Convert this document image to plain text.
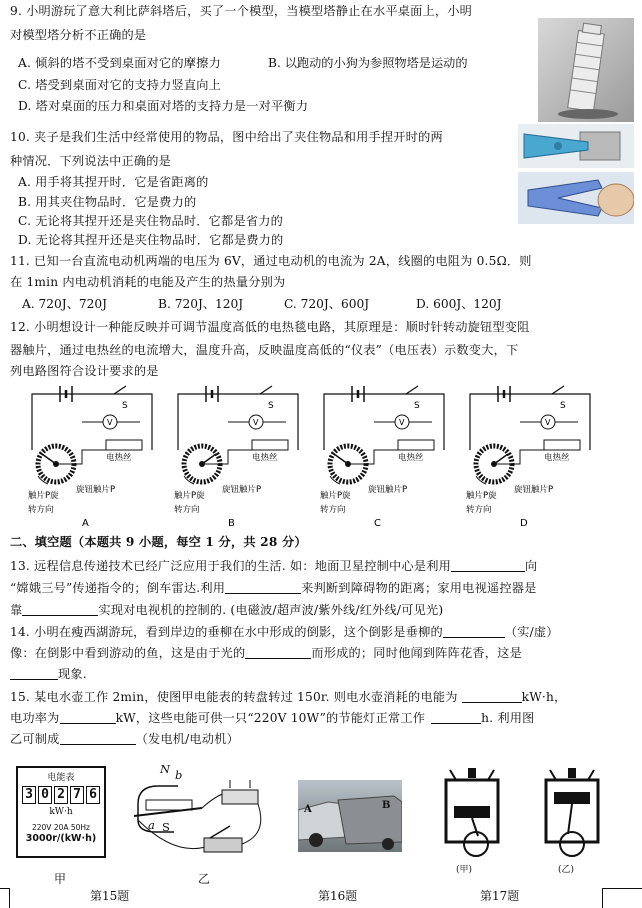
9. 小明游玩了意大利比萨斜塔后，买了一个模型，当模型塔静止在水平桌面上，小明
对模型塔分析不正确的是
A. 倾斜的塔不受到桌面对它的摩擦力	B. 以跑动的小狗为参照物塔是运动的
C. 塔受到桌面对它的支持力竖直向上
D. 塔对桌面的压力和桌面对塔的支持力是一对平衡力
10. 夹子是我们生活中经常使用的物品，图中给出了夹住物品和用手捏开时的两
种情况．下列说法中正确的是
A. 用手将其捏开时．它是省距离的
B. 用其夹住物品时．它是费力的
C. 无论将其捏开还是夹住物品时．它都是省力的
D. 无论将其捏开还是夹住物品时．它都是费力的
11. 已知一台直流电动机两端的电压为 6V，通过电动机的电流为 2A，线圈的电阻为 0.5Ω．则
在 1min 内电动机消耗的电能及产生的热量分别为
A. 720J、720J	B. 720J、120J	C. 720J、600J	D. 600J、120J
12. 小明想设计一种能反映并可调节温度高低的电热毯电路，其原理是：顺时针转动旋钮型变阻
器触片，通过电热丝的电流增大，温度升高，反映温度高低的“仪表”（电压表）示数变大，下
列电路图符合设计要求的是
S
V
电热丝
触片P旋
转方向
旋钮触片P
A
S
V
电热丝
触片P旋
转方向
旋钮触片P
B
S
V
电热丝
触片P旋
转方向
旋钮触片P
C
S
V
电热丝
触片P旋
转方向
旋钮触片P
D
二、填空题（本题共 9 小题，每空 1 分，共 28 分）
13. 远程信息传递技术已经广泛应用于我们的生活. 如：地面卫星控制中心是利用	向
“嫦娥三号”传递指令的；倒车雷达.利用	来判断到障碍物的距离；家用电视遥控器是
靠	实现对电视机的控制的. (电磁波/超声波/紫外线/红外线/可见光)
14. 小明在瘦西湖游玩，看到岸边的垂柳在水中形成的倒影，这个倒影是垂柳的	（实/虚）
像：在倒影中看到游动的鱼，这是由于光的	而形成的；同时他闻到阵阵花香，这是
现象.
15. 某电水壶工作 2min，使图甲电能表的转盘转过 150r. 则电水壶消耗的电能为	kW·h，
电功率为	kW，这些电能可供一只“220V 10W”的节能灯正常工作	h. 利用图
乙可制成	（发电机/电动机）
电能表
3 0 2 7 6
kW·h
220V 20A 50Hz
3000r/(kW·h)
甲
N b
a S
乙
A	B
(甲)	(乙)
第15题	第16题	第17题
